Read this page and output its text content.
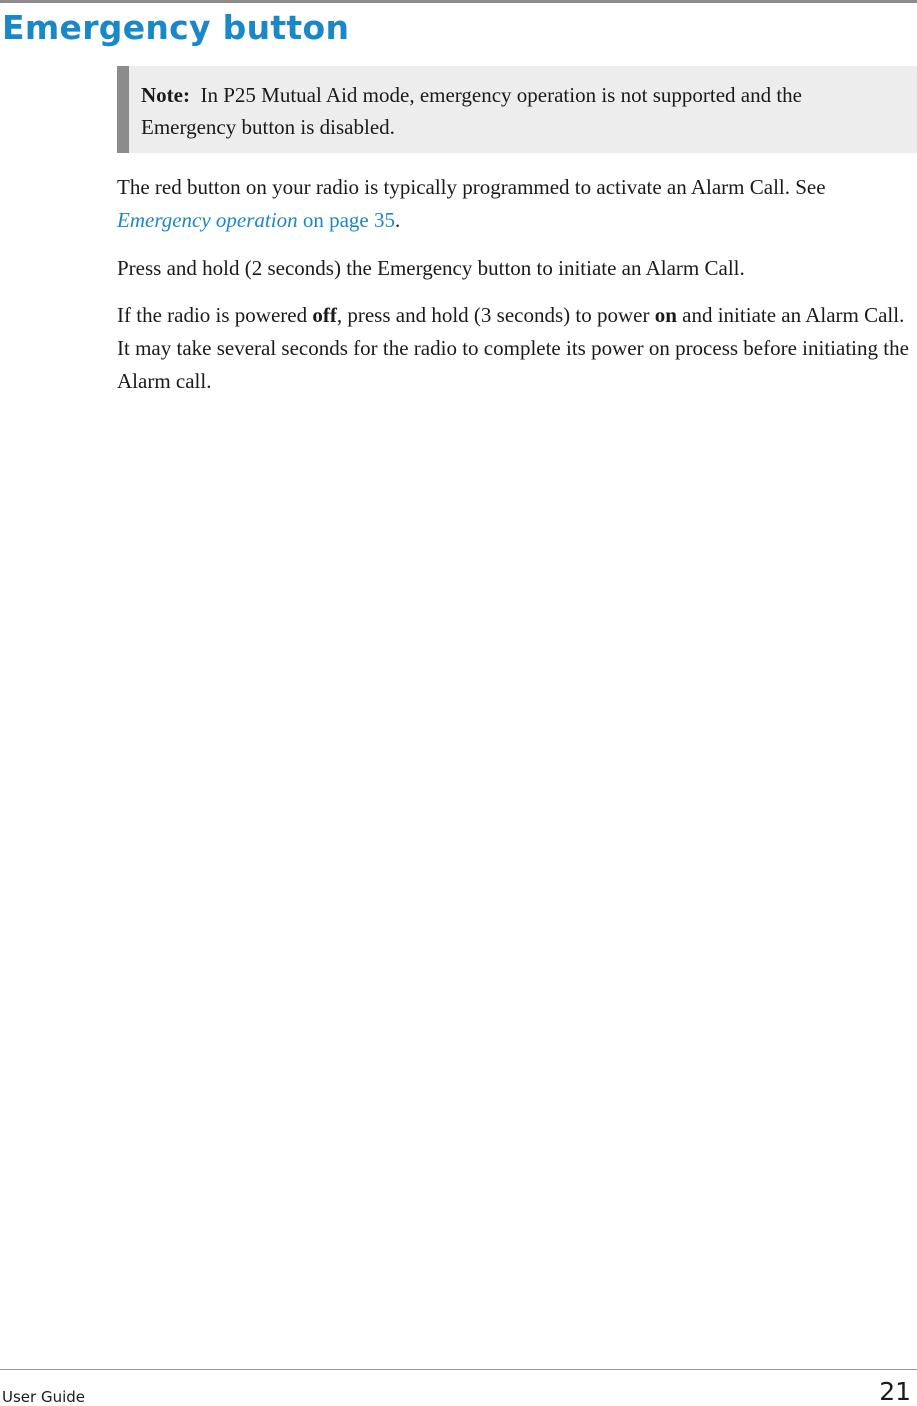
Emergency button
Note: In P25 Mutual Aid mode, emergency operation is not supported and the Emergency button is disabled.

The red button on your radio is typically programmed to activate an Alarm Call. See Emergency operation on page 35.

Press and hold (2 seconds) the Emergency button to initiate an Alarm Call.

If the radio is powered off, press and hold (3 seconds) to power on and initiate an Alarm Call. It may take several seconds for the radio to complete its power on process before initiating the Alarm call.

User Guide	21
